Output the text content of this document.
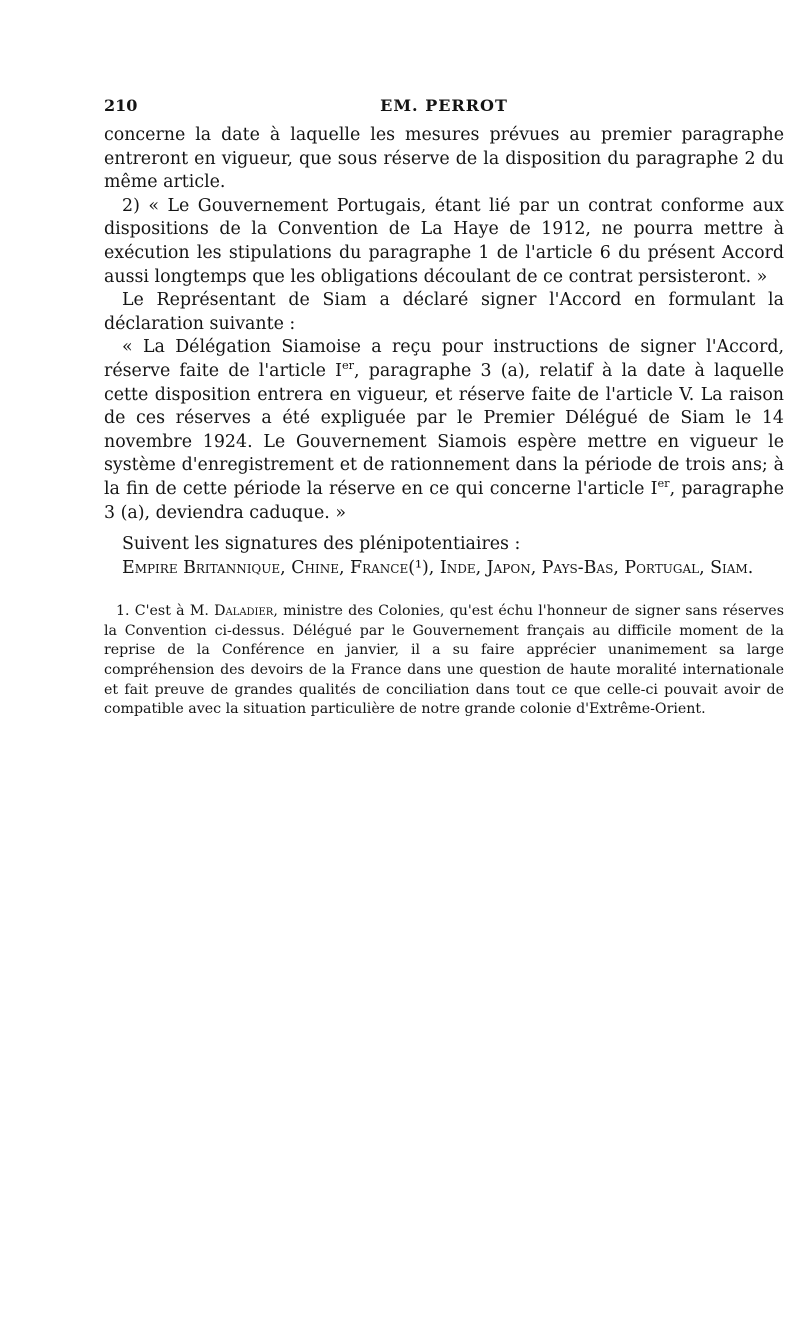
210	EM. PERROT

concerne la date à laquelle les mesures prévues au premier paragraphe entreront en vigueur, que sous réserve de la disposition du paragraphe 2 du même article.

2) « Le Gouvernement Portugais, étant lié par un contrat conforme aux dispositions de la Convention de La Haye de 1912, ne pourra mettre à exécution les stipulations du paragraphe 1 de l'article 6 du présent Accord aussi longtemps que les obligations découlant de ce contrat persisteront. »

Le Représentant de Siam a déclaré signer l'Accord en formulant la déclaration suivante :

« La Délégation Siamoise a reçu pour instructions de signer l'Accord, réserve faite de l'article Ier, paragraphe 3 (a), relatif à la date à laquelle cette disposition entrera en vigueur, et réserve faite de l'article V. La raison de ces réserves a été expliguée par le Premier Délégué de Siam le 14 novembre 1924. Le Gouvernement Siamois espère mettre en vigueur le système d'enregistrement et de rationnement dans la période de trois ans; à la fin de cette période la réserve en ce qui concerne l'article Ier, paragraphe 3 (a), deviendra caduque. »

Suivent les signatures des plénipotentiaires :

Empire Britannique, Chine, France(¹), Inde, Japon, Pays-Bas, Portugal, Siam.

1. C'est à M. Daladier, ministre des Colonies, qu'est échu l'honneur de signer sans réserves la Convention ci-dessus. Délégué par le Gouvernement français au difficile moment de la reprise de la Conférence en janvier, il a su faire apprécier unanimement sa large compréhension des devoirs de la France dans une question de haute moralité internationale et fait preuve de grandes qualités de conciliation dans tout ce que celle-ci pouvait avoir de compatible avec la situation particulière de notre grande colonie d'Extrême-Orient.
